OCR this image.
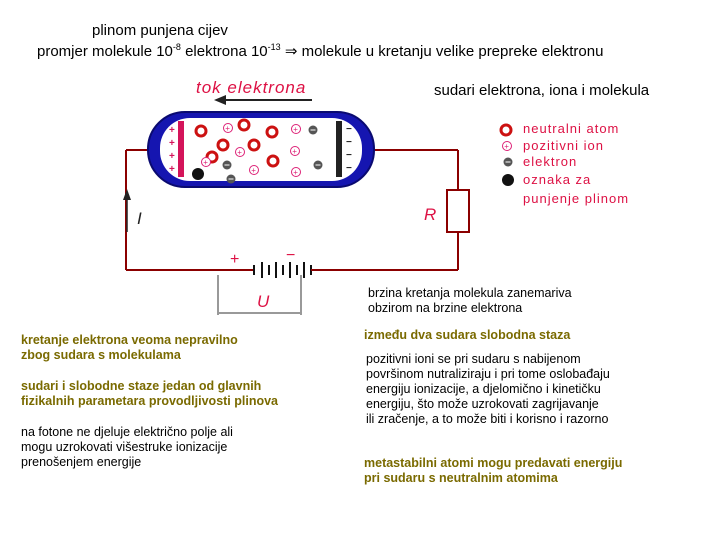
plinom punjena cijev
promjer molekule $10^{-8}$ elektrona $10^{-13}$ ⇒ molekule u kretanju velike prepreke elektronu
sudari elektrona, iona i molekula
tok elektrona
I	R
+	−
U
+
+
+
+
−
−
−
−
+	+
+	+
+
+
+
+
neutralni atom
pozitivni ion
elektron
oznaka za
punjenje plinom
brzina kretanja molekula zanemariva
obzirom na brzine elektrona
između dva sudara slobodna staza
pozitivni ioni se pri sudaru s nabijenom
površinom nutraliziraju i pri tome oslobađaju
energiju ionizacije, a djelomično i kinetičku
energiju, što može uzrokovati zagrijavanje
ili zračenje, a to može biti i korisno i razorno
metastabilni atomi mogu predavati energiju
pri sudaru s neutralnim atomima
kretanje elektrona veoma nepravilno
zbog sudara s molekulama
sudari i slobodne staze jedan od glavnih
fizikalnih parametara provodljivosti plinova
na fotone ne djeluje električno polje ali
mogu uzrokovati višestruke ionizacije
prenošenjem energije
